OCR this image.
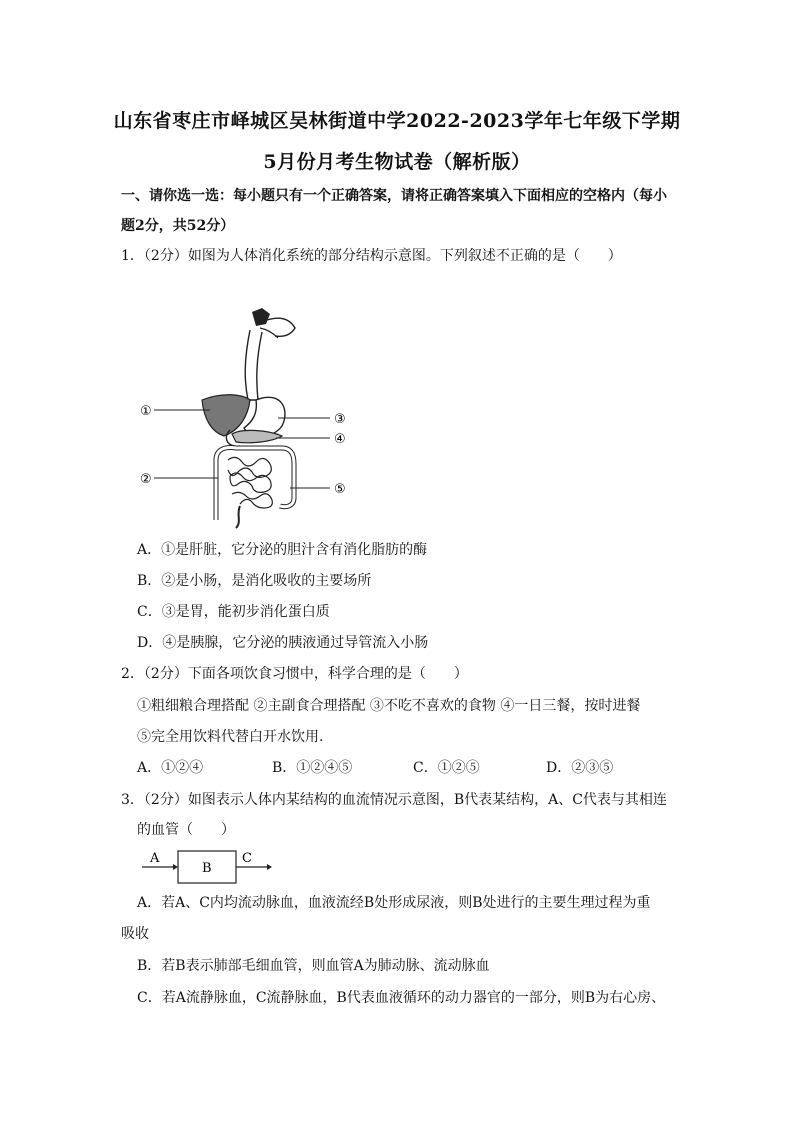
山东省枣庄市峄城区吴林街道中学2022-2023学年七年级下学期
5月份月考生物试卷（解析版）
一、请你选一选：每小题只有一个正确答案，请将正确答案填入下面相应的空格内（每小
题2分，共52分）
1．（2分）如图为人体消化系统的部分结构示意图。下列叙述不正确的是（　　）
①
②
③
④
⑤
A．①是肝脏，它分泌的胆汁含有消化脂肪的酶
B．②是小肠，是消化吸收的主要场所
C．③是胃，能初步消化蛋白质
D．④是胰腺，它分泌的胰液通过导管流入小肠
2．（2分）下面各项饮食习惯中，科学合理的是（　　）
①粗细粮合理搭配 ②主副食合理搭配 ③不吃不喜欢的食物 ④一日三餐，按时进餐
⑤完全用饮料代替白开水饮用.
A．①②④	B．①②④⑤	C．①②⑤	D．②③⑤
3．（2分）如图表示人体内某结构的血流情况示意图，B代表某结构，A、C代表与其相连
的血管（　　）
A
B
C
A．若A、C内均流动脉血，血液流经B处形成尿液，则B处进行的主要生理过程为重
吸收
B．若B表示肺部毛细血管，则血管A为肺动脉、流动脉血
C．若A流静脉血，C流静脉血，B代表血液循环的动力器官的一部分，则B为右心房、
